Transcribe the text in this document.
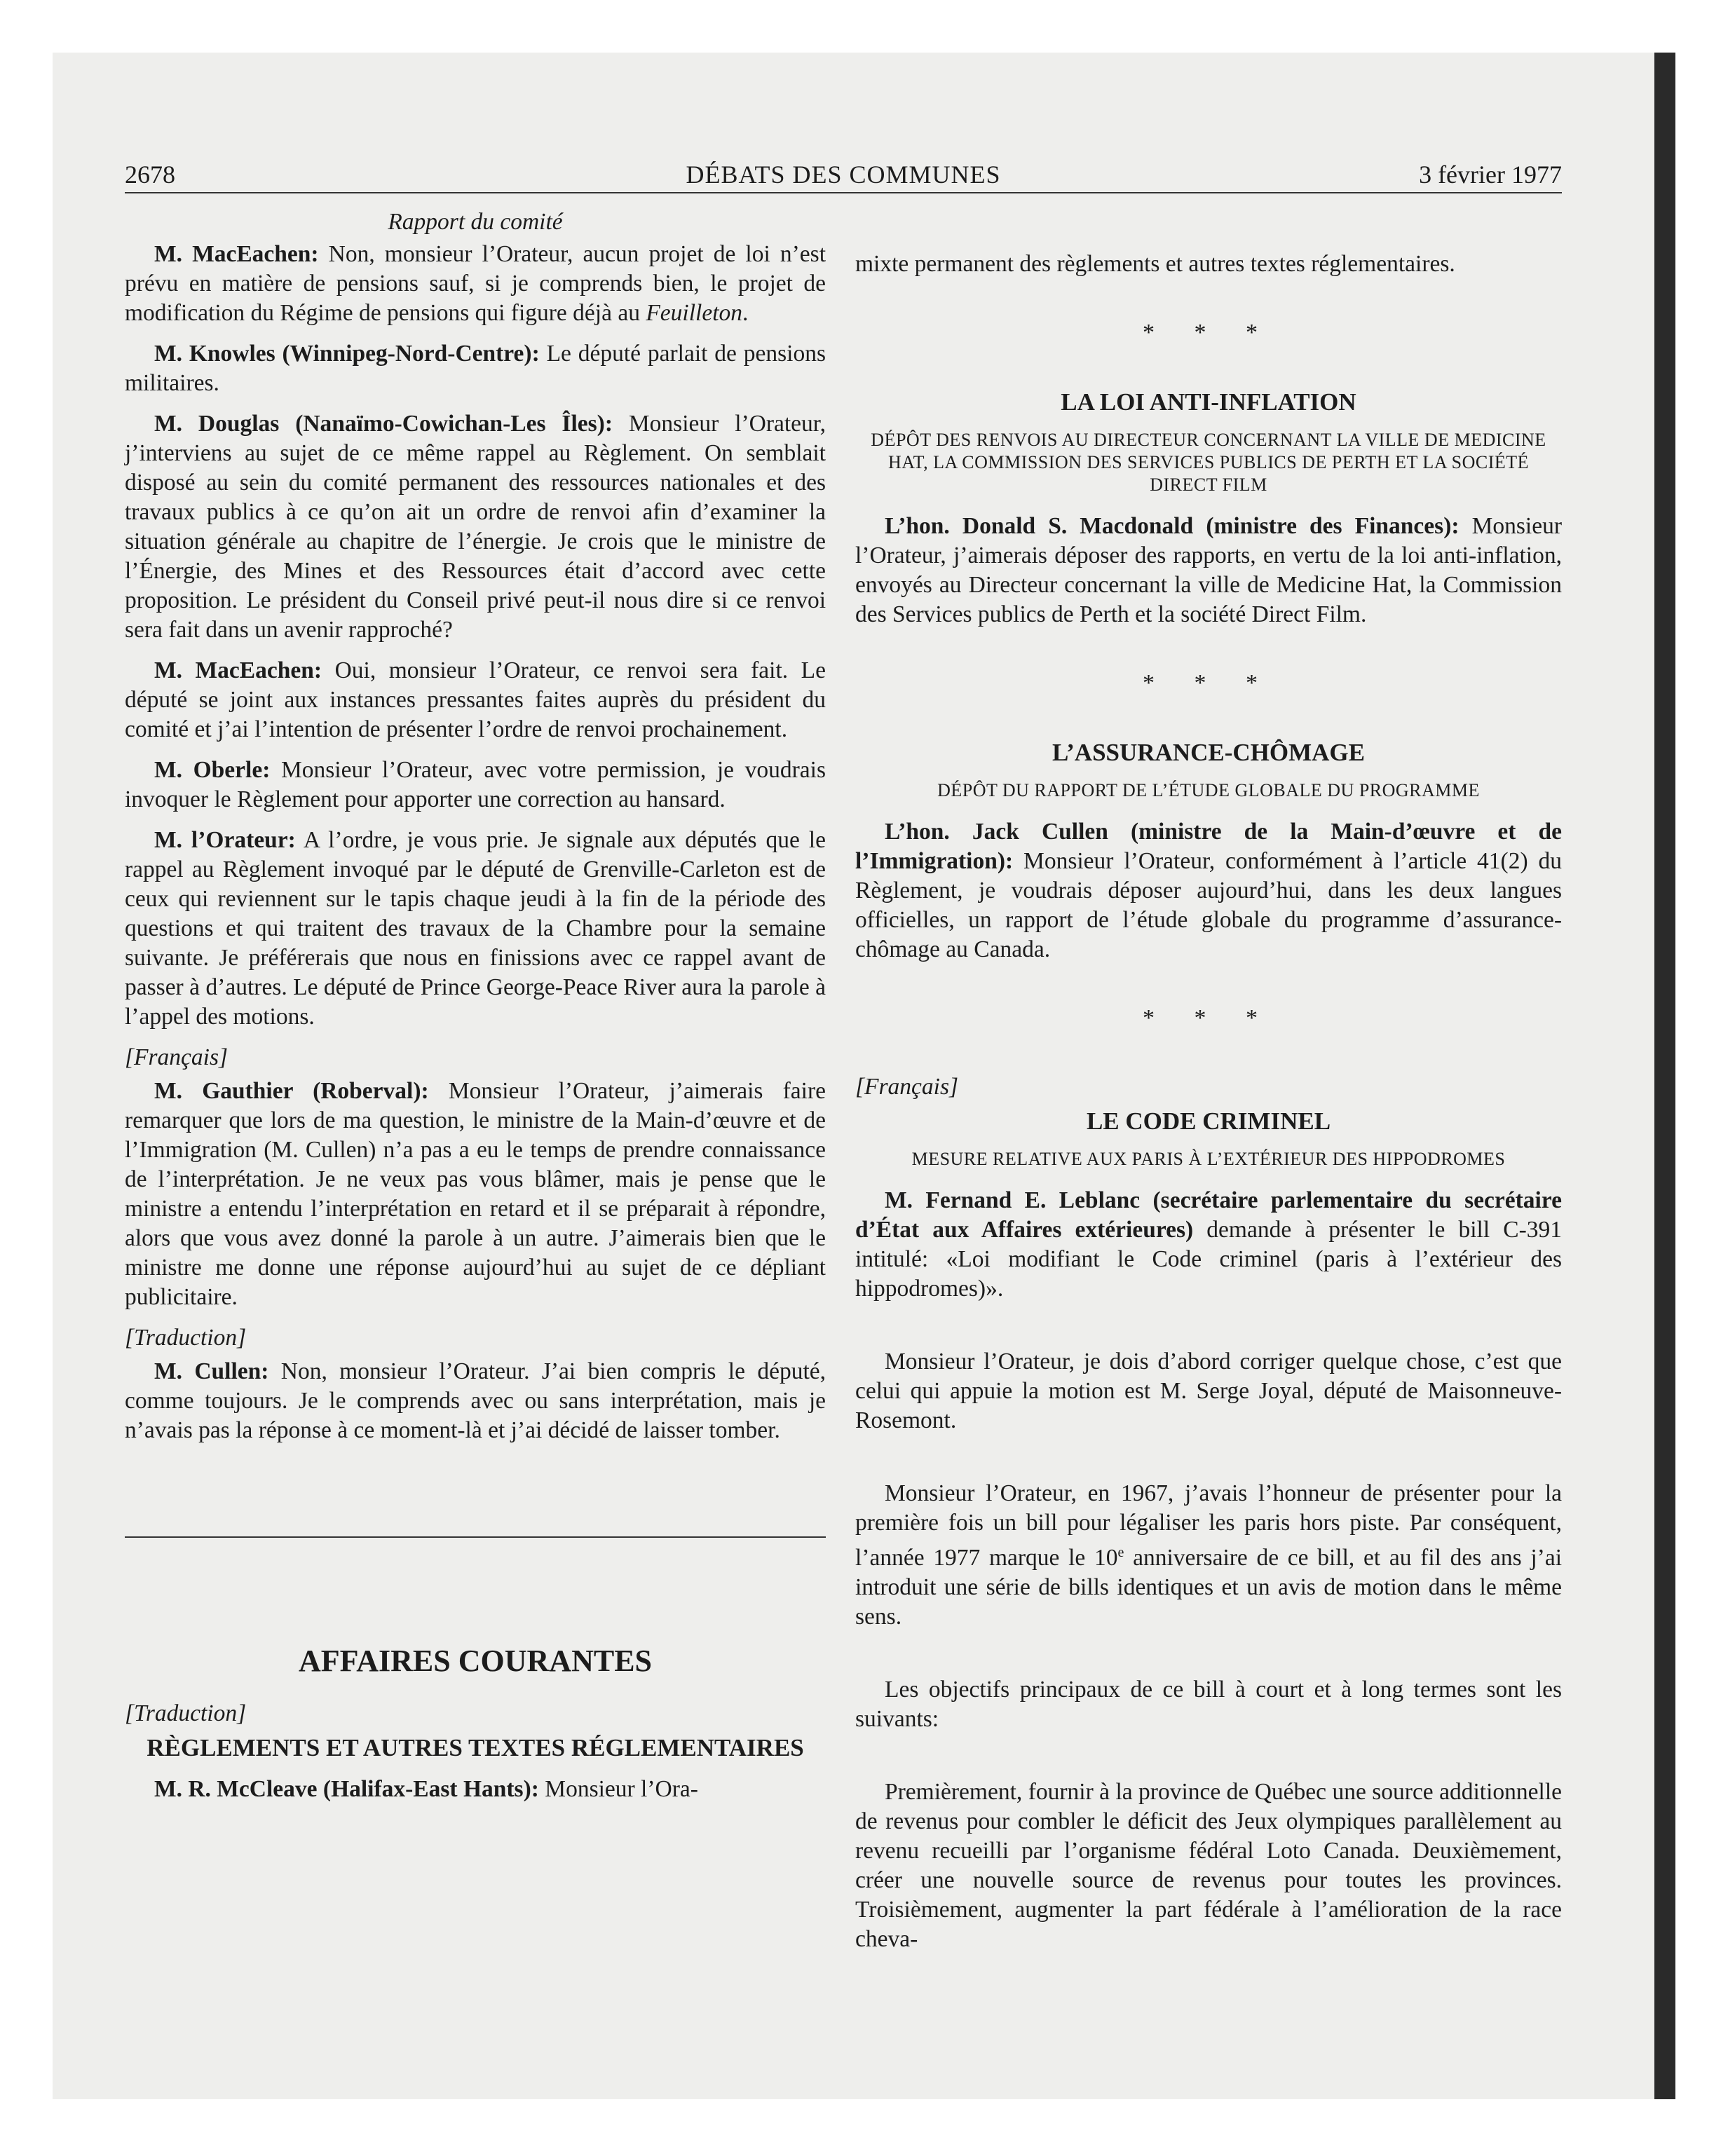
2678	DÉBATS DES COMMUNES	3 février 1977
Rapport du comité

M. MacEachen: Non, monsieur l’Orateur, aucun projet de loi n’est prévu en matière de pensions sauf, si je comprends bien, le projet de modification du Régime de pensions qui figure déjà au Feuilleton.

M. Knowles (Winnipeg-Nord-Centre): Le député parlait de pensions militaires.

M. Douglas (Nanaïmo-Cowichan-Les Îles): Monsieur l’Orateur, j’interviens au sujet de ce même rappel au Règlement. On semblait disposé au sein du comité permanent des ressources nationales et des travaux publics à ce qu’on ait un ordre de renvoi afin d’examiner la situation générale au chapitre de l’énergie. Je crois que le ministre de l’Énergie, des Mines et des Ressources était d’accord avec cette proposition. Le président du Conseil privé peut-il nous dire si ce renvoi sera fait dans un avenir rapproché?

M. MacEachen: Oui, monsieur l’Orateur, ce renvoi sera fait. Le député se joint aux instances pressantes faites auprès du président du comité et j’ai l’intention de présenter l’ordre de renvoi prochainement.

M. Oberle: Monsieur l’Orateur, avec votre permission, je voudrais invoquer le Règlement pour apporter une correction au hansard.

M. l’Orateur: A l’ordre, je vous prie. Je signale aux députés que le rappel au Règlement invoqué par le député de Grenville-Carleton est de ceux qui reviennent sur le tapis chaque jeudi à la fin de la période des questions et qui traitent des travaux de la Chambre pour la semaine suivante. Je préférerais que nous en finissions avec ce rappel avant de passer à d’autres. Le député de Prince George-Peace River aura la parole à l’appel des motions.

[Français]

M. Gauthier (Roberval): Monsieur l’Orateur, j’aimerais faire remarquer que lors de ma question, le ministre de la Main-d’œuvre et de l’Immigration (M. Cullen) n’a pas a eu le temps de prendre connaissance de l’interprétation. Je ne veux pas vous blâmer, mais je pense que le ministre a entendu l’interprétation en retard et il se préparait à répondre, alors que vous avez donné la parole à un autre. J’aimerais bien que le ministre me donne une réponse aujourd’hui au sujet de ce dépliant publicitaire.

[Traduction]

M. Cullen: Non, monsieur l’Orateur. J’ai bien compris le député, comme toujours. Je le comprends avec ou sans interprétation, mais je n’avais pas la réponse à ce moment-là et j’ai décidé de laisser tomber.

AFFAIRES COURANTES
[Traduction]
RÈGLEMENTS ET AUTRES TEXTES RÉGLEMENTAIRES

M. R. McCleave (Halifax-East Hants): Monsieur l’Ora-

mixte permanent des règlements et autres textes réglementaires.

* * *
LA LOI ANTI-INFLATION
DÉPÔT DES RENVOIS AU DIRECTEUR CONCERNANT LA VILLE DE MEDICINE HAT, LA COMMISSION DES SERVICES PUBLICS DE PERTH ET LA SOCIÉTÉ DIRECT FILM

L’hon. Donald S. Macdonald (ministre des Finances): Monsieur l’Orateur, j’aimerais déposer des rapports, en vertu de la loi anti-inflation, envoyés au Directeur concernant la ville de Medicine Hat, la Commission des Services publics de Perth et la société Direct Film.

* * *
L’ASSURANCE-CHÔMAGE
DÉPÔT DU RAPPORT DE L’ÉTUDE GLOBALE DU PROGRAMME

L’hon. Jack Cullen (ministre de la Main-d’œuvre et de l’Immigration): Monsieur l’Orateur, conformément à l’article 41(2) du Règlement, je voudrais déposer aujourd’hui, dans les deux langues officielles, un rapport de l’étude globale du programme d’assurance-chômage au Canada.

* * *
[Français]
LE CODE CRIMINEL
MESURE RELATIVE AUX PARIS À L’EXTÉRIEUR DES HIPPODROMES

M. Fernand E. Leblanc (secrétaire parlementaire du secrétaire d’État aux Affaires extérieures) demande à présenter le bill C-391 intitulé: «Loi modifiant le Code criminel (paris à l’extérieur des hippodromes)».

Monsieur l’Orateur, je dois d’abord corriger quelque chose, c’est que celui qui appuie la motion est M. Serge Joyal, député de Maisonneuve-Rosemont.

Monsieur l’Orateur, en 1967, j’avais l’honneur de présenter pour la première fois un bill pour légaliser les paris hors piste. Par conséquent, l’année 1977 marque le 10e anniversaire de ce bill, et au fil des ans j’ai introduit une série de bills identiques et un avis de motion dans le même sens.

Les objectifs principaux de ce bill à court et à long termes sont les suivants:

Premièrement, fournir à la province de Québec une source additionnelle de revenus pour combler le déficit des Jeux olympiques parallèlement au revenu recueilli par l’organisme fédéral Loto Canada. Deuxièmement, créer une nouvelle source de revenus pour toutes les provinces. Troisièmement, augmenter la part fédérale à l’amélioration de la race cheva-
